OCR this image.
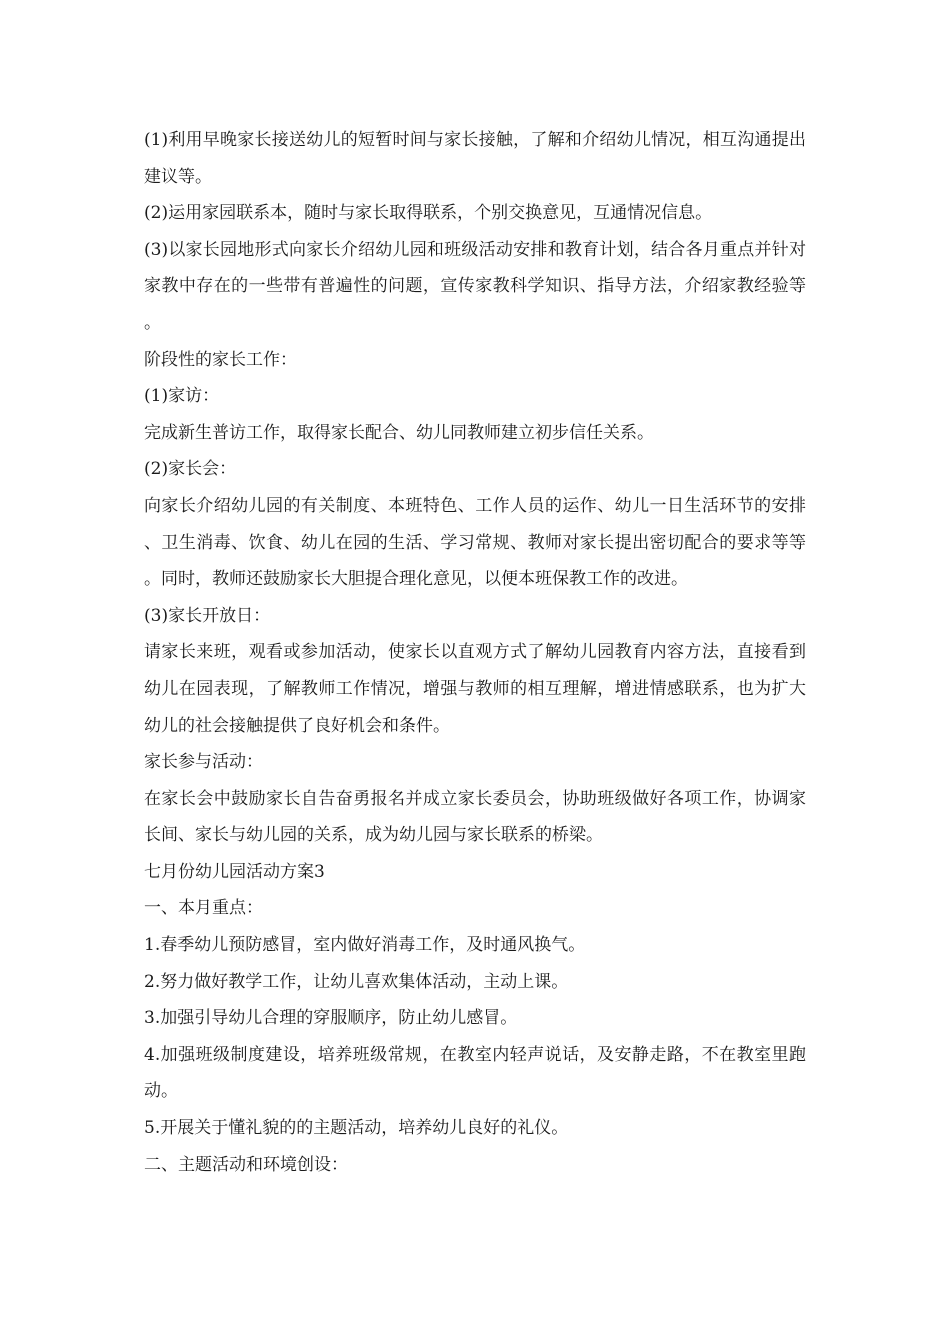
(1)利用早晚家长接送幼儿的短暂时间与家长接触，了解和介绍幼儿情况，相互沟通提出建议等。

(2)运用家园联系本，随时与家长取得联系，个别交换意见，互通情况信息。

(3)以家长园地形式向家长介绍幼儿园和班级活动安排和教育计划，结合各月重点并针对家教中存在的一些带有普遍性的问题，宣传家教科学知识、指导方法，介绍家教经验等。

阶段性的家长工作：

(1)家访：

完成新生普访工作，取得家长配合、幼儿同教师建立初步信任关系。

(2)家长会：

向家长介绍幼儿园的有关制度、本班特色、工作人员的运作、幼儿一日生活环节的安排、卫生消毒、饮食、幼儿在园的生活、学习常规、教师对家长提出密切配合的要求等等。同时，教师还鼓励家长大胆提合理化意见，以便本班保教工作的改进。

(3)家长开放日：

请家长来班，观看或参加活动，使家长以直观方式了解幼儿园教育内容方法，直接看到幼儿在园表现，了解教师工作情况，增强与教师的相互理解，增进情感联系，也为扩大幼儿的社会接触提供了良好机会和条件。

家长参与活动：

在家长会中鼓励家长自告奋勇报名并成立家长委员会，协助班级做好各项工作，协调家长间、家长与幼儿园的关系，成为幼儿园与家长联系的桥梁。

七月份幼儿园活动方案3

一、本月重点：

1.春季幼儿预防感冒，室内做好消毒工作，及时通风换气。

2.努力做好教学工作，让幼儿喜欢集体活动，主动上课。

3.加强引导幼儿合理的穿服顺序，防止幼儿感冒。

4.加强班级制度建设，培养班级常规，在教室内轻声说话，及安静走路，不在教室里跑动。

5.开展关于懂礼貌的的主题活动，培养幼儿良好的礼仪。

二、主题活动和环境创设：
